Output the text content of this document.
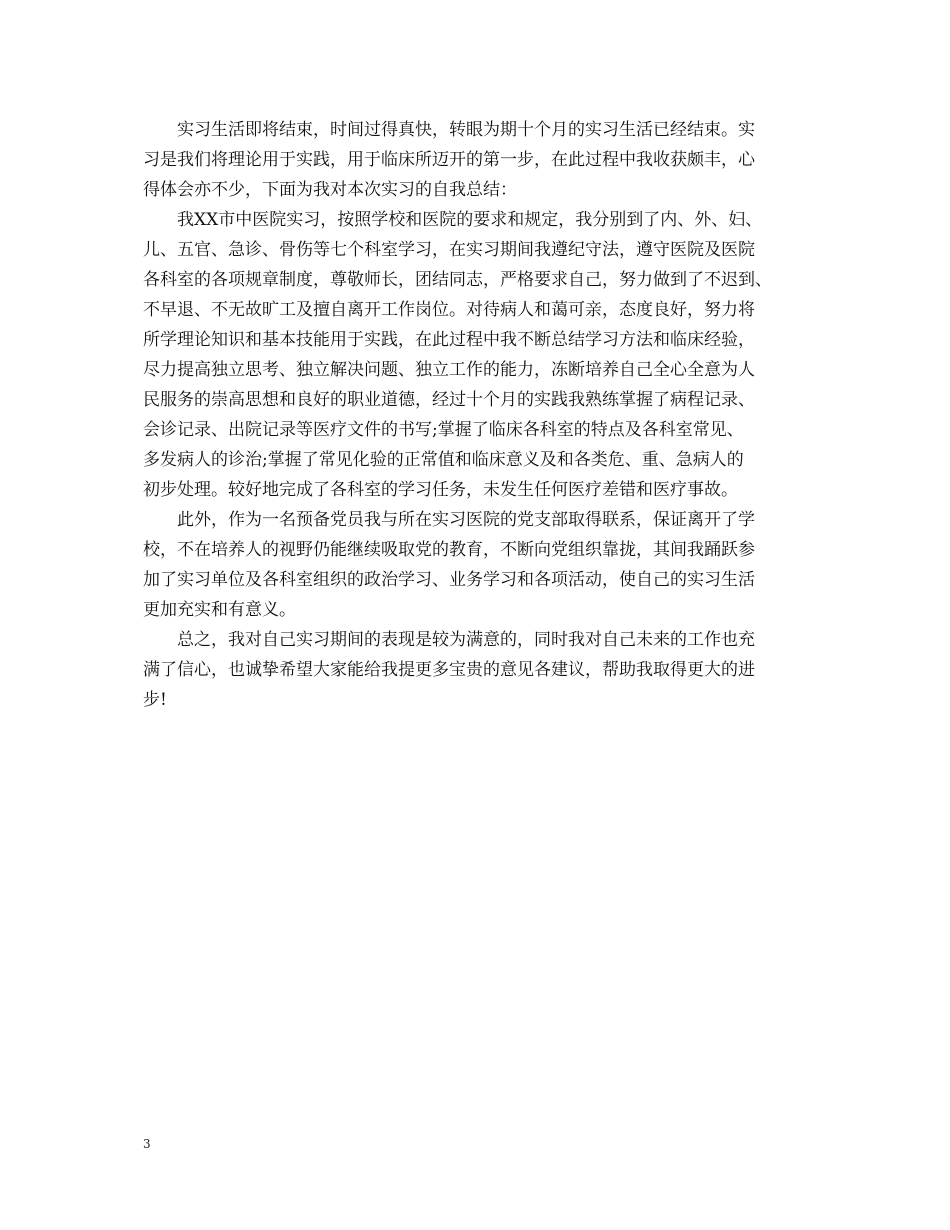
实习生活即将结束，时间过得真快，转眼为期十个月的实习生活已经结束。实
习是我们将理论用于实践，用于临床所迈开的第一步，在此过程中我收获颇丰，心
得体会亦不少，下面为我对本次实习的自我总结：
我XX市中医院实习，按照学校和医院的要求和规定，我分别到了内、外、妇、
儿、五官、急诊、骨伤等七个科室学习，在实习期间我遵纪守法，遵守医院及医院
各科室的各项规章制度，尊敬师长，团结同志，严格要求自己，努力做到了不迟到、
不早退、不无故旷工及擅自离开工作岗位。对待病人和蔼可亲，态度良好，努力将
所学理论知识和基本技能用于实践，在此过程中我不断总结学习方法和临床经验，
尽力提高独立思考、独立解决问题、独立工作的能力，冻断培养自己全心全意为人
民服务的崇高思想和良好的职业道德，经过十个月的实践我熟练掌握了病程记录、
会诊记录、出院记录等医疗文件的书写;掌握了临床各科室的特点及各科室常见、
多发病人的诊治;掌握了常见化验的正常值和临床意义及和各类危、重、急病人的
初步处理。较好地完成了各科室的学习任务，未发生任何医疗差错和医疗事故。
此外，作为一名预备党员我与所在实习医院的党支部取得联系，保证离开了学
校，不在培养人的视野仍能继续吸取党的教育，不断向党组织靠拢，其间我踊跃参
加了实习单位及各科室组织的政治学习、业务学习和各项活动，使自己的实习生活
更加充实和有意义。
总之，我对自己实习期间的表现是较为满意的，同时我对自己未来的工作也充
满了信心，也诚挚希望大家能给我提更多宝贵的意见各建议，帮助我取得更大的进
步!
3
